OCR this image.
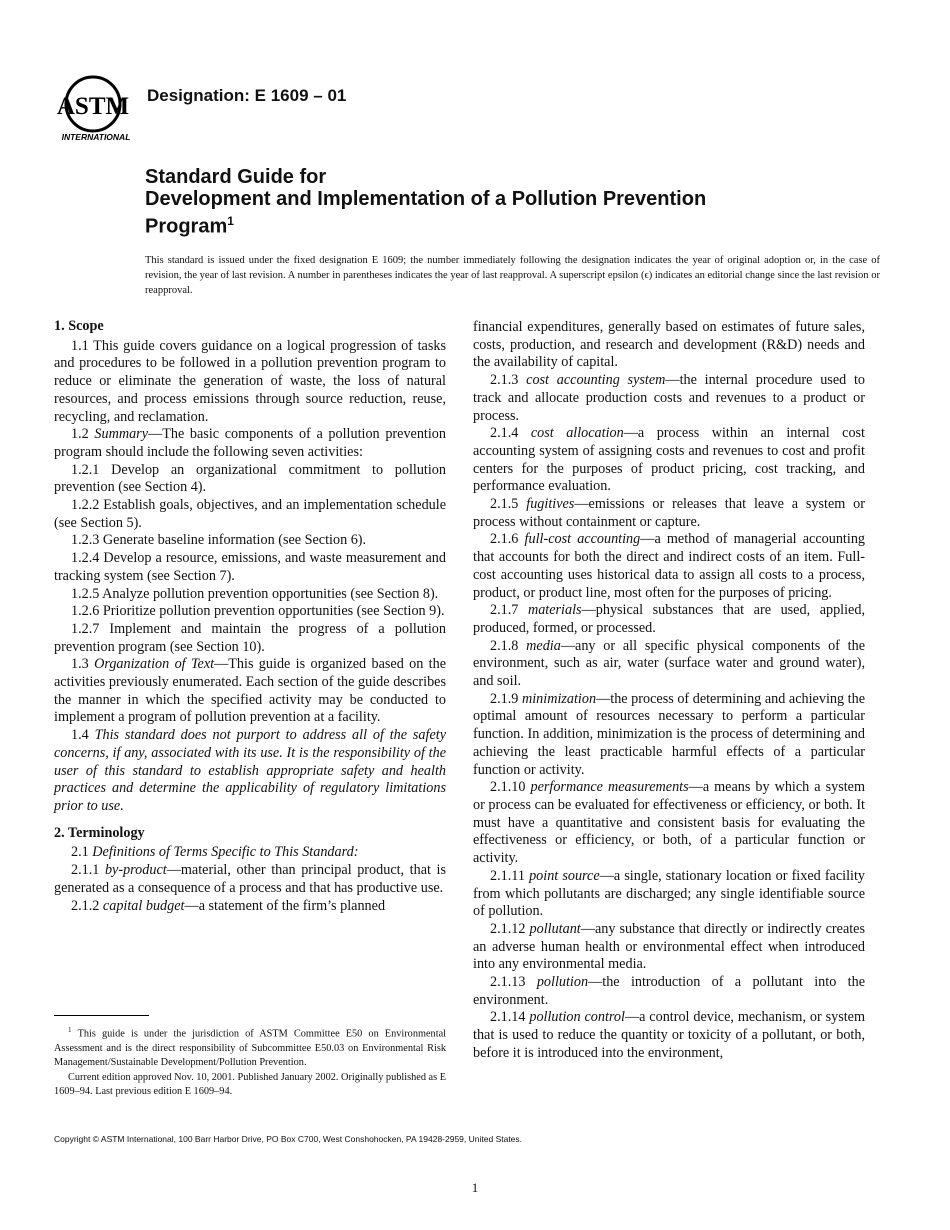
ASTM
INTERNATIONAL
Designation: E 1609 – 01
Standard Guide for
Development and Implementation of a Pollution Prevention
Program$^1$
This standard is issued under the fixed designation E 1609; the number immediately following the designation indicates the year of original adoption or, in the case of revision, the year of last revision. A number in parentheses indicates the year of last reapproval. A superscript epsilon (ϵ) indicates an editorial change since the last revision or reapproval.
1. Scope

1.1 This guide covers guidance on a logical progression of tasks and procedures to be followed in a pollution prevention program to reduce or eliminate the generation of waste, the loss of natural resources, and process emissions through source reduction, reuse, recycling, and reclamation.

1.2 Summary—The basic components of a pollution prevention program should include the following seven activities:

1.2.1 Develop an organizational commitment to pollution prevention (see Section 4).

1.2.2 Establish goals, objectives, and an implementation schedule (see Section 5).

1.2.3 Generate baseline information (see Section 6).

1.2.4 Develop a resource, emissions, and waste measurement and tracking system (see Section 7).

1.2.5 Analyze pollution prevention opportunities (see Section 8).

1.2.6 Prioritize pollution prevention opportunities (see Section 9).

1.2.7 Implement and maintain the progress of a pollution prevention program (see Section 10).

1.3 Organization of Text—This guide is organized based on the activities previously enumerated. Each section of the guide describes the manner in which the specified activity may be conducted to implement a program of pollution prevention at a facility.

1.4 This standard does not purport to address all of the safety concerns, if any, associated with its use. It is the responsibility of the user of this standard to establish appropriate safety and health practices and determine the applicability of regulatory limitations prior to use.

2. Terminology

2.1 Definitions of Terms Specific to This Standard:

2.1.1 by-product—material, other than principal product, that is generated as a consequence of a process and that has productive use.

2.1.2 capital budget—a statement of the firm’s planned

financial expenditures, generally based on estimates of future sales, costs, production, and research and development (R&D) needs and the availability of capital.

2.1.3 cost accounting system—the internal procedure used to track and allocate production costs and revenues to a product or process.

2.1.4 cost allocation—a process within an internal cost accounting system of assigning costs and revenues to cost and profit centers for the purposes of product pricing, cost tracking, and performance evaluation.

2.1.5 fugitives—emissions or releases that leave a system or process without containment or capture.

2.1.6 full-cost accounting—a method of managerial accounting that accounts for both the direct and indirect costs of an item. Full-cost accounting uses historical data to assign all costs to a process, product, or product line, most often for the purposes of pricing.

2.1.7 materials—physical substances that are used, applied, produced, formed, or processed.

2.1.8 media—any or all specific physical components of the environment, such as air, water (surface water and ground water), and soil.

2.1.9 minimization—the process of determining and achieving the optimal amount of resources necessary to perform a particular function. In addition, minimization is the process of determining and achieving the least practicable harmful effects of a particular function or activity.

2.1.10 performance measurements—a means by which a system or process can be evaluated for effectiveness or efficiency, or both. It must have a quantitative and consistent basis for evaluating the effectiveness or efficiency, or both, of a particular function or activity.

2.1.11 point source—a single, stationary location or fixed facility from which pollutants are discharged; any single identifiable source of pollution.

2.1.12 pollutant—any substance that directly or indirectly creates an adverse human health or environmental effect when introduced into any environmental media.

2.1.13 pollution—the introduction of a pollutant into the environment.

2.1.14 pollution control—a control device, mechanism, or system that is used to reduce the quantity or toxicity of a pollutant, or both, before it is introduced into the environment,

$^1$ This guide is under the jurisdiction of ASTM Committee E50 on Environmental Assessment and is the direct responsibility of Subcommittee E50.03 on Environmental Risk Management/Sustainable Development/Pollution Prevention.

Current edition approved Nov. 10, 2001. Published January 2002. Originally published as E 1609–94. Last previous edition E 1609–94.

Copyright © ASTM International, 100 Barr Harbor Drive, PO Box C700, West Conshohocken, PA 19428-2959, United States.
1
